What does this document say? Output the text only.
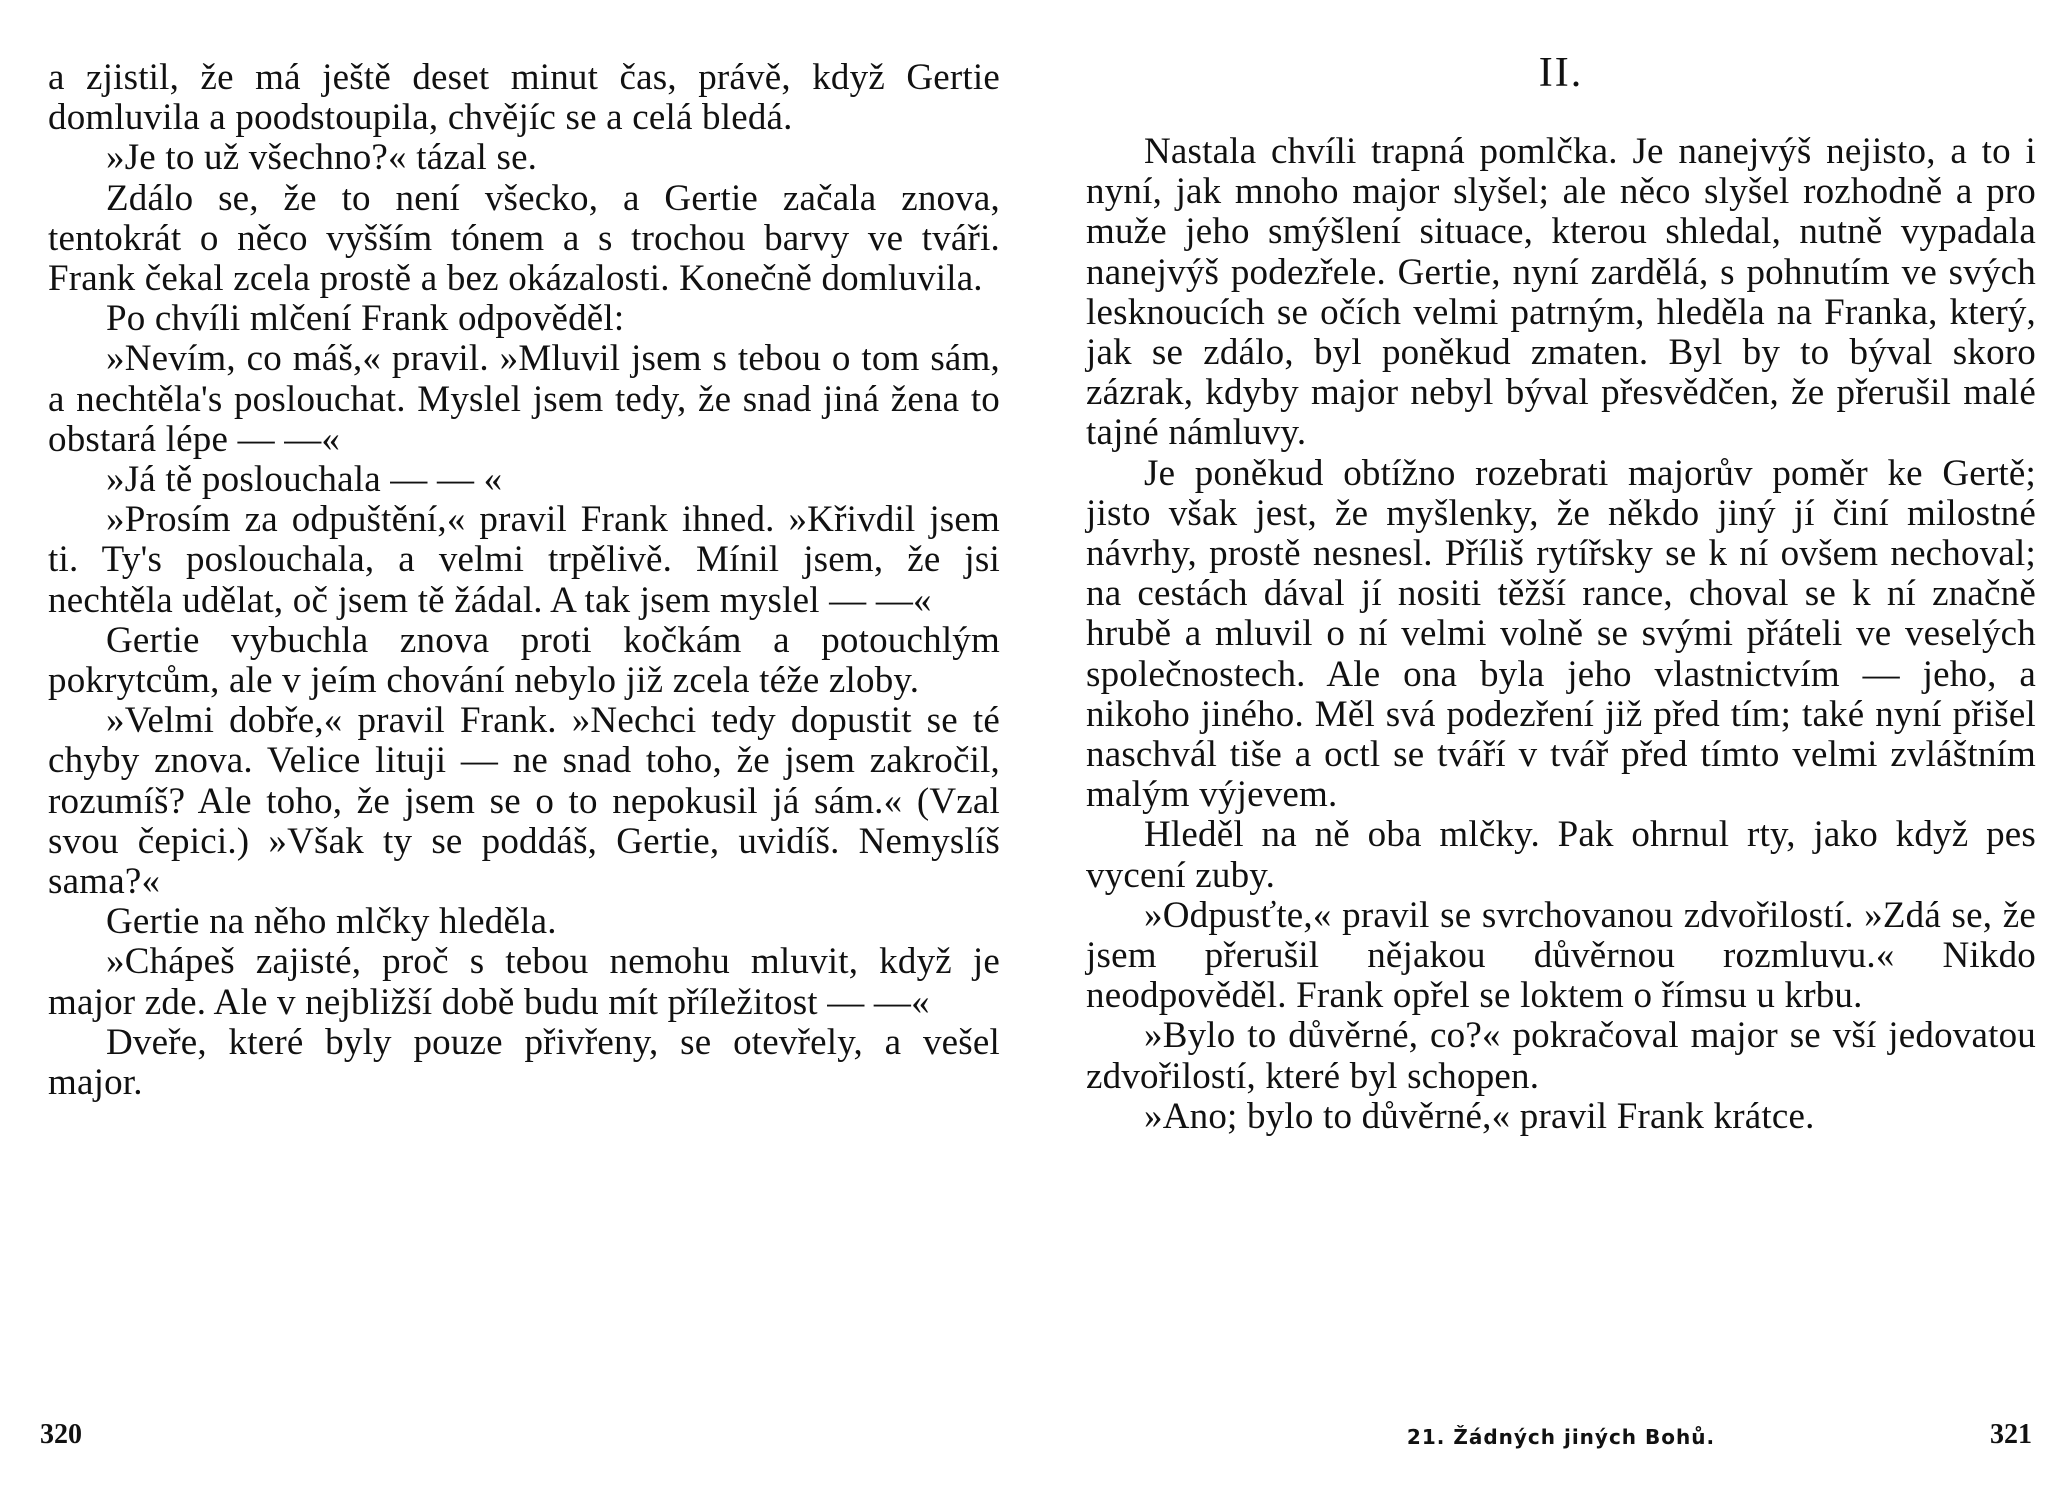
a zjistil, že má ještě deset minut čas, právě, když Gertie domluvila a poodstoupila, chvějíc se a celá bledá.

»Je to už všechno?« tázal se.

Zdálo se, že to není všecko, a Gertie začala znova, tentokrát o něco vyšším tónem a s trochou barvy ve tváři. Frank čekal zcela prostě a bez okázalosti. Konečně domluvila.

Po chvíli mlčení Frank odpověděl:

»Nevím, co máš,« pravil. »Mluvil jsem s tebou o tom sám, a nechtěla's poslouchat. Myslel jsem tedy, že snad jiná žena to obstará lépe — —«

»Já tě poslouchala — — «

»Prosím za odpuštění,« pravil Frank ihned. »Křivdil jsem ti. Ty's poslouchala, a velmi trpělivě. Mínil jsem, že jsi nechtěla udělat, oč jsem tě žádal. A tak jsem myslel — —«

Gertie vybuchla znova proti kočkám a potouchlým pokrytcům, ale v jeím chování nebylo již zcela téže zloby.

»Velmi dobře,« pravil Frank. »Nechci tedy dopustit se té chyby znova. Velice lituji — ne snad toho, že jsem zakročil, rozumíš? Ale toho, že jsem se o to nepokusil já sám.« (Vzal svou čepici.) »Však ty se poddáš, Gertie, uvidíš. Nemyslíš sama?«

Gertie na něho mlčky hleděla.

»Chápeš zajisté, proč s tebou nemohu mluvit, když je major zde. Ale v nejbližší době budu mít příležitost — —«

Dveře, které byly pouze přivřeny, se otevřely, a vešel major.

320
II.

Nastala chvíli trapná pomlčka. Je nanejvýš nejisto, a to i nyní, jak mnoho major slyšel; ale něco slyšel rozhodně a pro muže jeho smýšlení situace, kterou shledal, nutně vypadala nanejvýš podezřele. Gertie, nyní zardělá, s pohnutím ve svých lesknoucích se očích velmi patrným, hleděla na Franka, který, jak se zdálo, byl poněkud zmaten. Byl by to býval skoro zázrak, kdyby major nebyl býval přesvědčen, že přerušil malé tajné námluvy.

Je poněkud obtížno rozebrati majorův poměr ke Gertě; jisto však jest, že myšlenky, že někdo jiný jí činí milostné návrhy, prostě nesnesl. Příliš rytířsky se k ní ovšem nechoval; na cestách dával jí nositi těžší rance, choval se k ní značně hrubě a mluvil o ní velmi volně se svými přáteli ve veselých společnostech. Ale ona byla jeho vlastnictvím — jeho, a nikoho jiného. Měl svá podezření již před tím; také nyní přišel naschvál tiše a octl se tváří v tvář před tímto velmi zvláštním malým výjevem.

Hleděl na ně oba mlčky. Pak ohrnul rty, jako když pes vycení zuby.

»Odpusťte,« pravil se svrchovanou zdvořilostí. »Zdá se, že jsem přerušil nějakou důvěrnou rozmluvu.« Nikdo neodpověděl. Frank opřel se loktem o římsu u krbu.

»Bylo to důvěrné, co?« pokračoval major se vší jedovatou zdvořilostí, které byl schopen.

»Ano; bylo to důvěrné,« pravil Frank krátce.

21. Žádných jiných Bohů.	321
